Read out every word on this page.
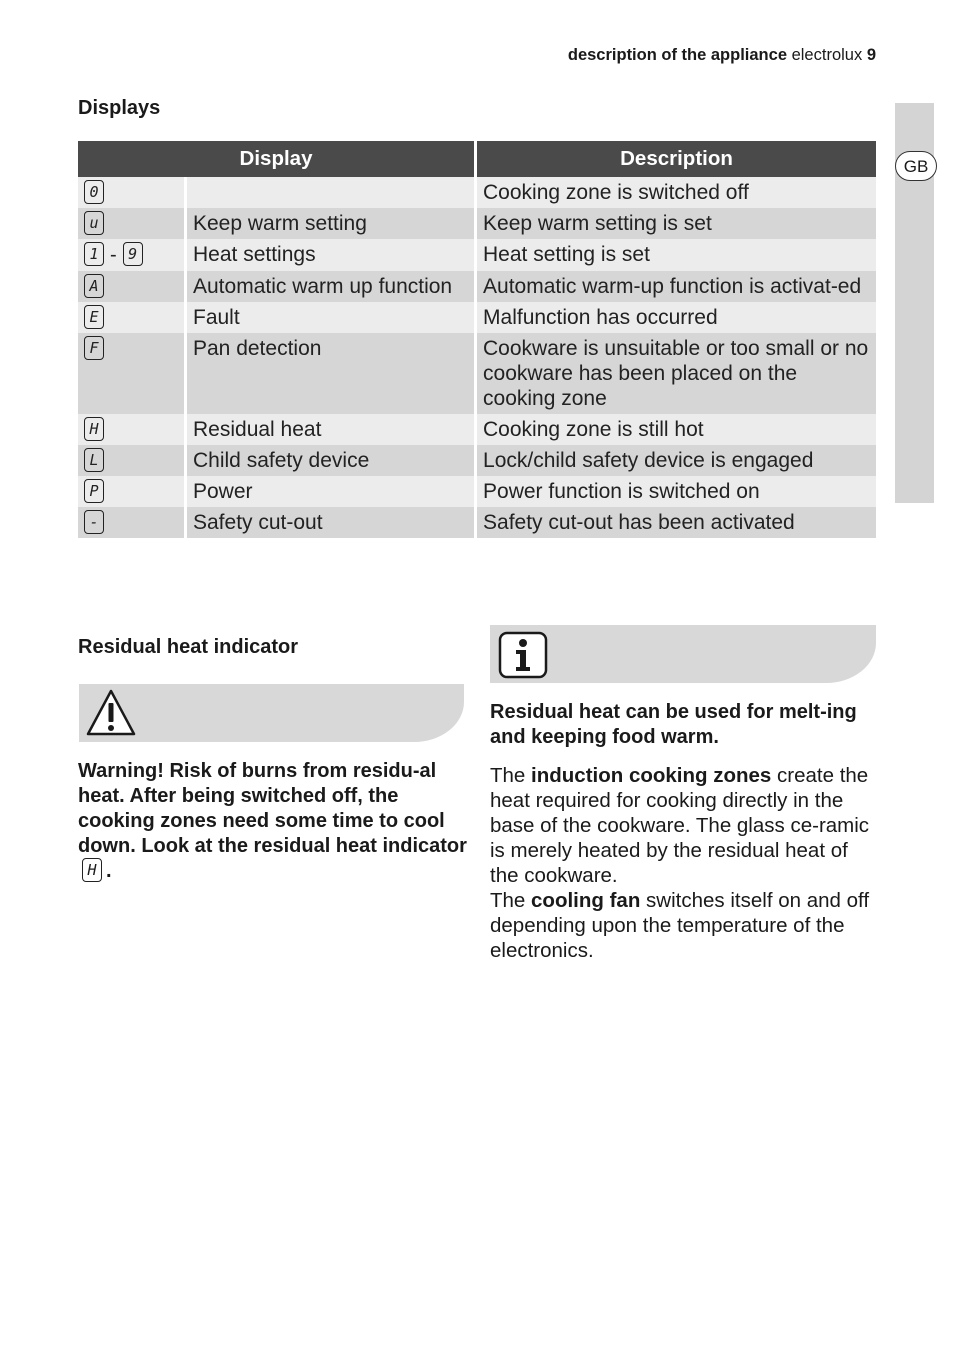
description of the appliance electrolux 9
GB
Displays
Display		Description
0		Cooking zone is switched off
u	Keep warm setting	Keep warm setting is set
1 - 9	Heat settings	Heat setting is set
A	Automatic warm up function	Automatic warm-up function is activat-ed
E	Fault	Malfunction has occurred
F	Pan detection	Cookware is unsuitable or too small or no cookware has been placed on the cooking zone
H	Residual heat	Cooking zone is still hot
L	Child safety device	Lock/child safety device is engaged
P	Power	Power function is switched on
-	Safety cut-out	Safety cut-out has been activated
Residual heat indicator

Warning! Risk of burns from residu-al heat. After being switched off, the cooking zones need some time to cool down. Look at the residual heat indicator H .

Residual heat can be used for melt-ing and keeping food warm.

The induction cooking zones create the heat required for cooking directly in the base of the cookware. The glass ce-ramic is merely heated by the residual heat of the cookware.
The cooling fan switches itself on and off depending upon the temperature of the electronics.
